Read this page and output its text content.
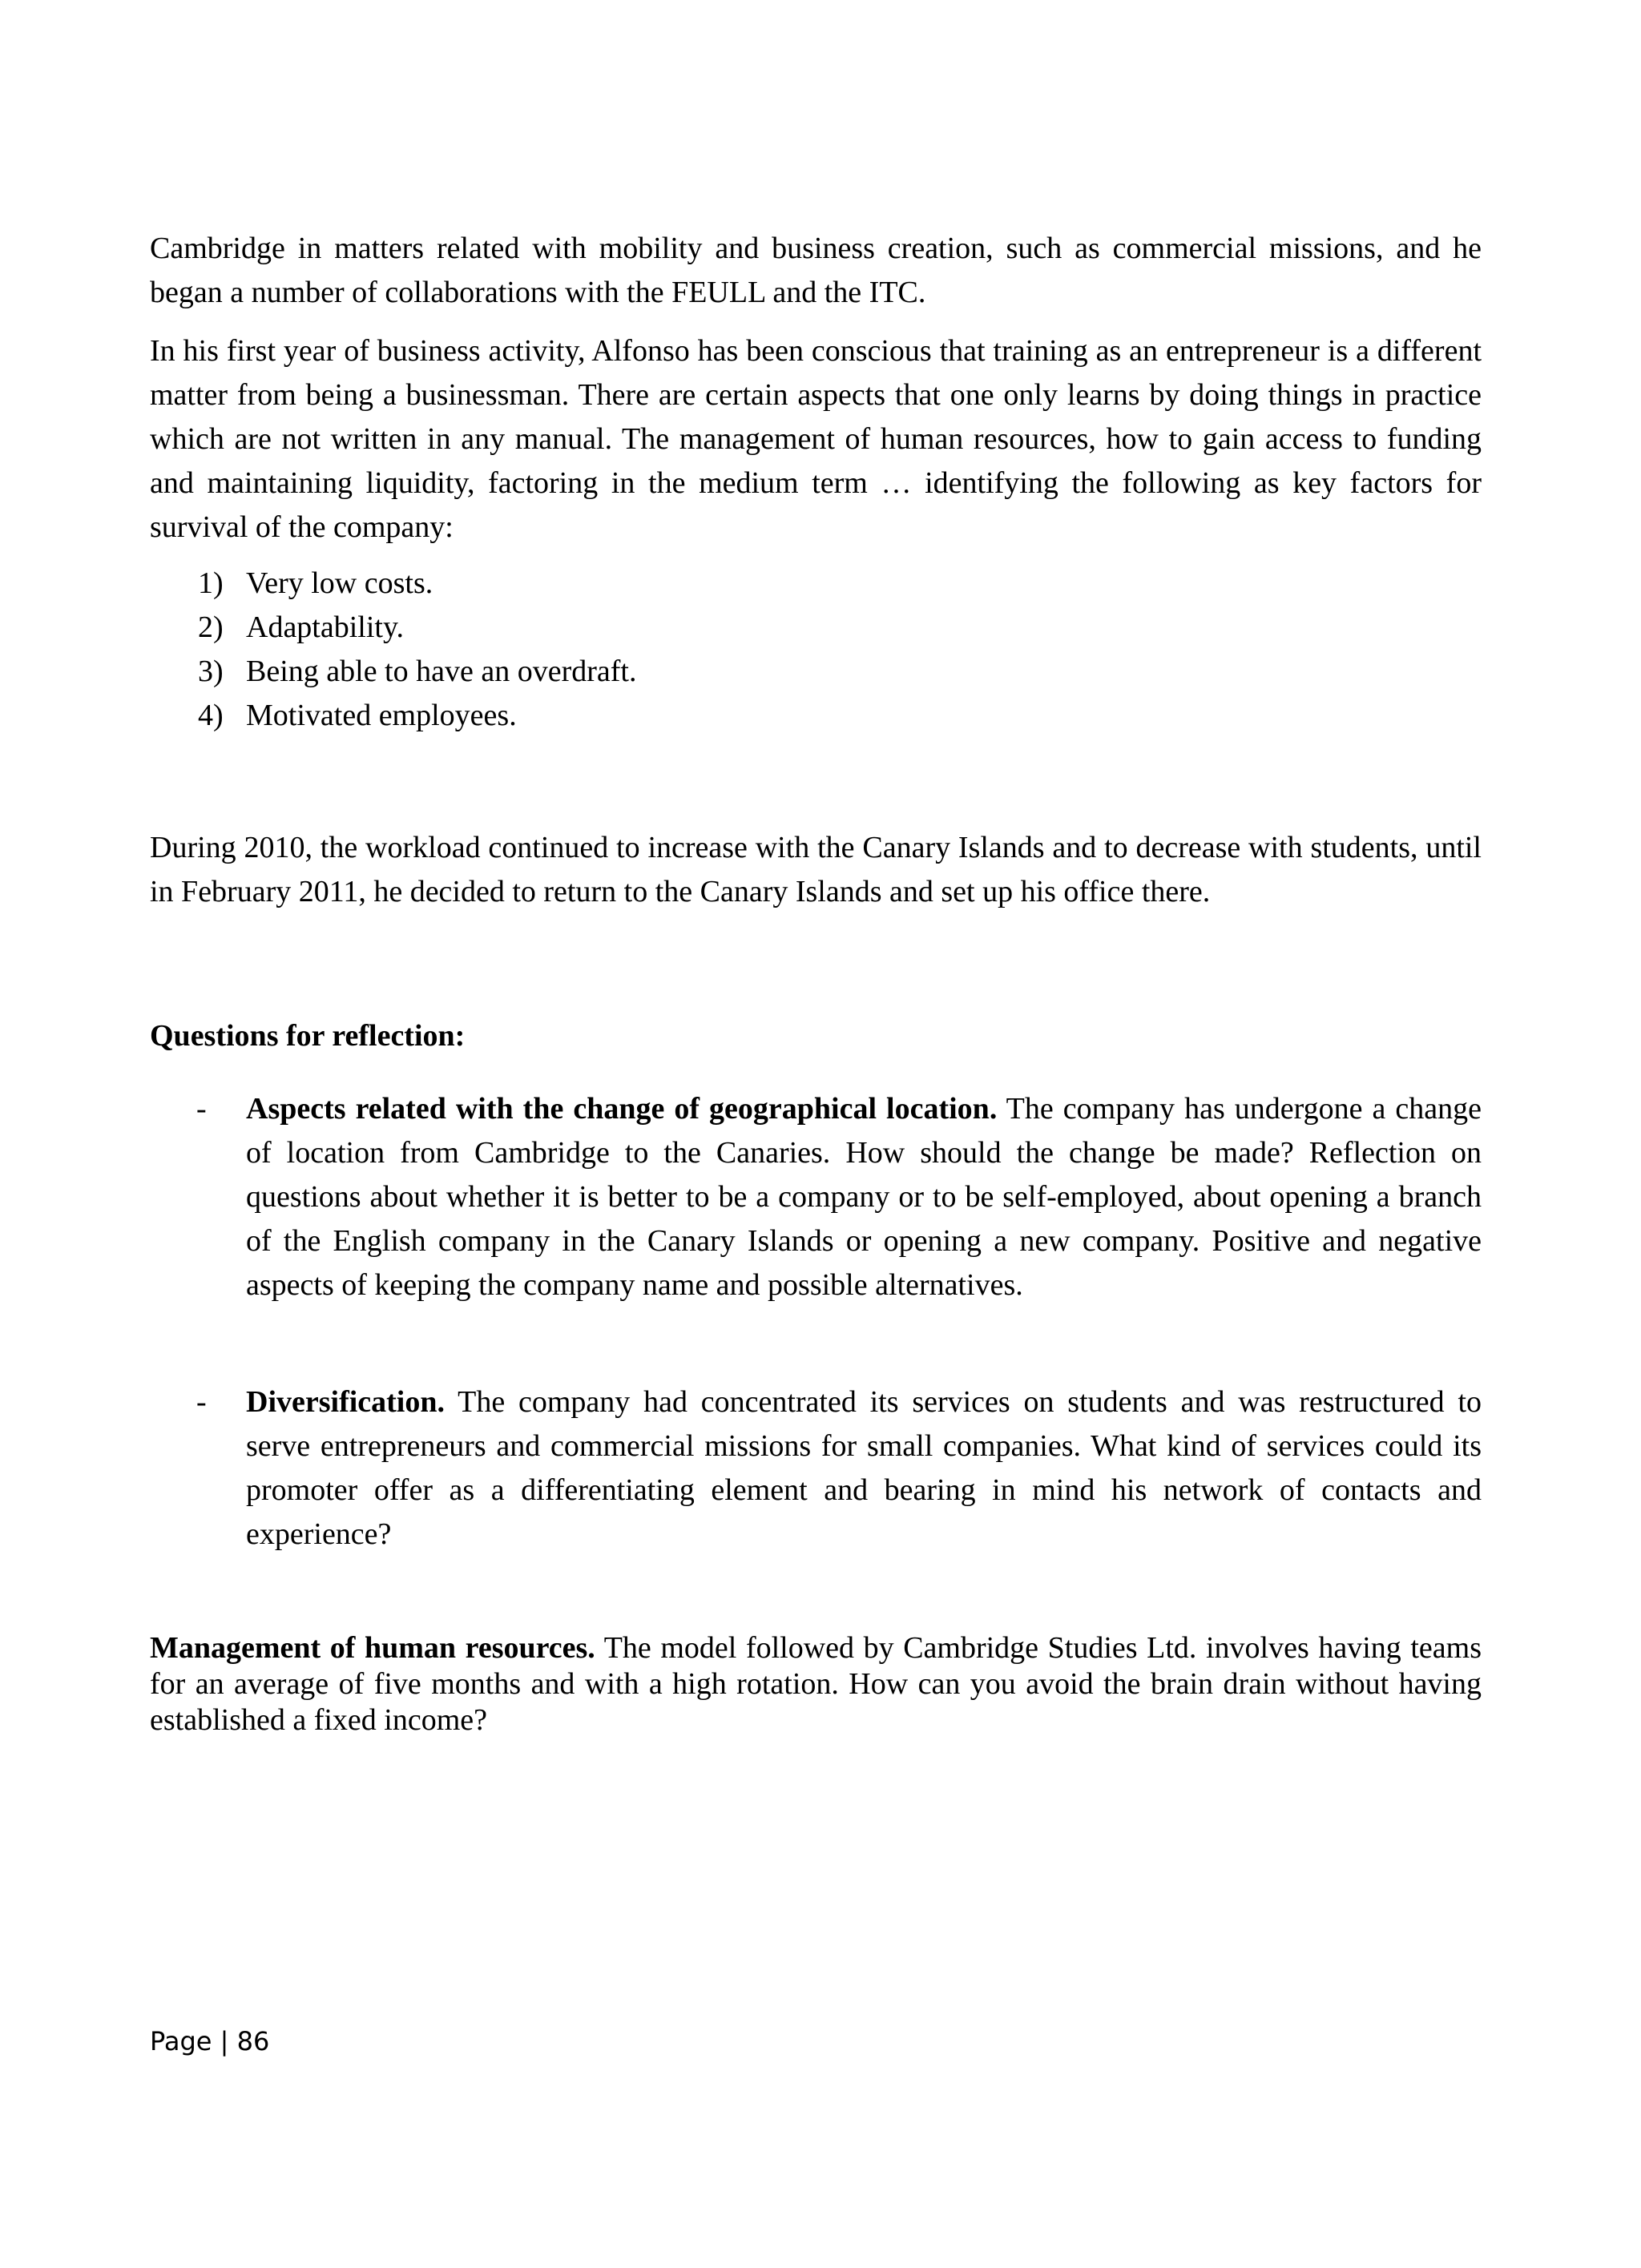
Cambridge in matters related with mobility and business creation, such as commercial missions, and he began a number of collaborations with the FEULL and the ITC.

In his first year of business activity, Alfonso has been conscious that training as an entrepreneur is a different matter from being a businessman. There are certain aspects that one only learns by doing things in practice which are not written in any manual. The management of human resources, how to gain access to funding and maintaining liquidity, factoring in the medium term … identifying the following as key factors for survival of the company:

1) Very low costs.
2) Adaptability.
3) Being able to have an overdraft.
4) Motivated employees.

During 2010, the workload continued to increase with the Canary Islands and to decrease with students, until in February 2011, he decided to return to the Canary Islands and set up his office there.

Questions for reflection:

- Aspects related with the change of geographical location. The company has undergone a change of location from Cambridge to the Canaries. How should the change be made? Reflection on questions about whether it is better to be a company or to be self-employed, about opening a branch of the English company in the Canary Islands or opening a new company. Positive and negative aspects of keeping the company name and possible alternatives.
- Diversification. The company had concentrated its services on students and was restructured to serve entrepreneurs and commercial missions for small companies. What kind of services could its promoter offer as a differentiating element and bearing in mind his network of contacts and experience?

Management of human resources. The model followed by Cambridge Studies Ltd. involves having teams for an average of five months and with a high rotation. How can you avoid the brain drain without having established a fixed income?

Page | 86
